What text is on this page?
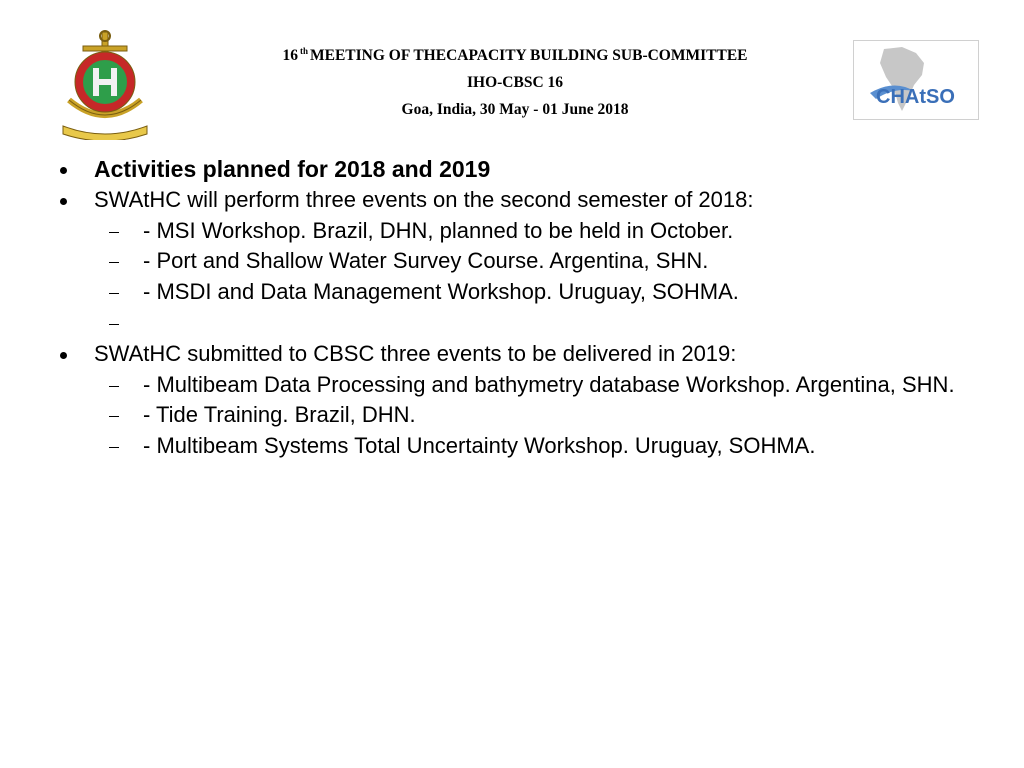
16 $^{th}$ MEETING OF THECAPACITY BUILDING SUB-COMMITTEE
IHO-CBSC 16
Goa, India, 30 May - 01 June 2018
CHAtSO
Activities planned for 2018 and 2019
SWAtHC will perform three events on the second semester of 2018:
- MSI Workshop. Brazil, DHN, planned to be held in October.
- Port and Shallow Water Survey Course. Argentina, SHN.
- MSDI and Data Management Workshop. Uruguay, SOHMA.

SWAtHC submitted to CBSC three events to be delivered in 2019:
- Multibeam Data Processing and bathymetry database Workshop. Argentina, SHN.
- Tide Training. Brazil, DHN.
- Multibeam Systems Total Uncertainty Workshop. Uruguay, SOHMA.
